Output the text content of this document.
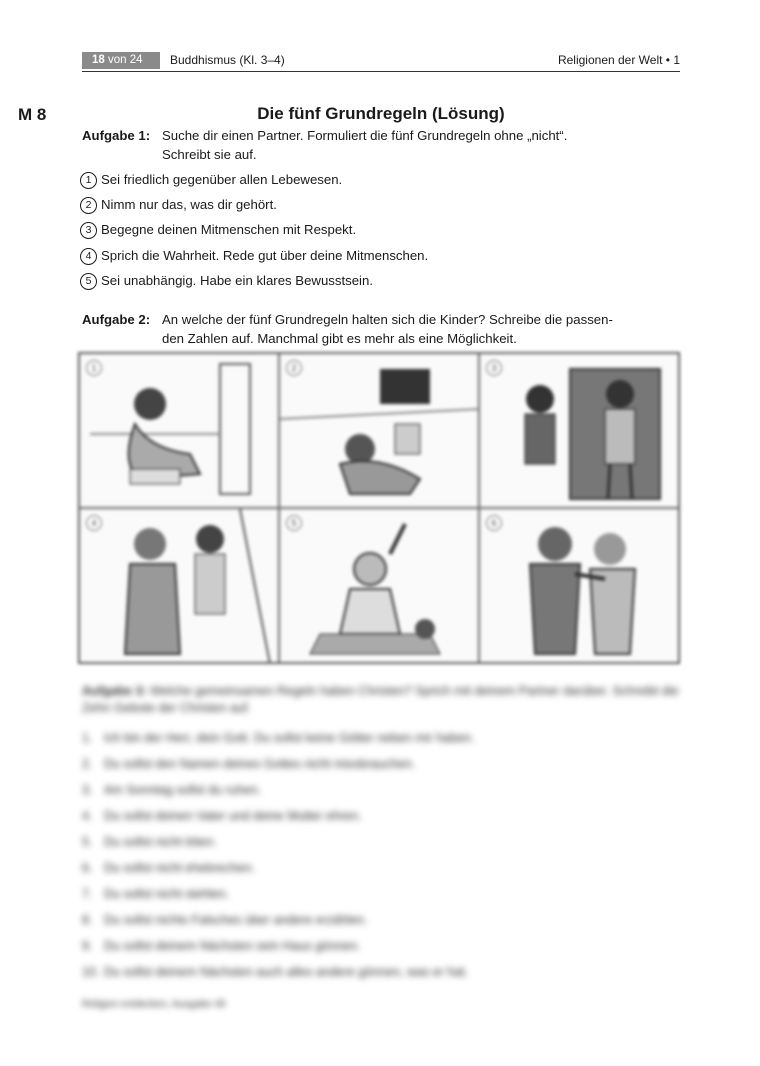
18 von 24	Buddhismus (Kl. 3–4)	Religionen der Welt • 1
M 8	Die fünf Grundregeln (Lösung)
Aufgabe 1: Suche dir einen Partner. Formuliert die fünf Grundregeln ohne „nicht“.
Schreibt sie auf.
1 Sei friedlich gegenüber allen Lebewesen.
2 Nimm nur das, was dir gehört.
3 Begegne deinen Mitmenschen mit Respekt.
4 Sprich die Wahrheit. Rede gut über deine Mitmenschen.
5 Sei unabhängig. Habe ein klares Bewusstsein.
Aufgabe 2: An welche der fünf Grundregeln halten sich die Kinder? Schreibe die passen-
den Zahlen auf. Manchmal gibt es mehr als eine Möglichkeit.
1	2	3
4	5	6
Aufgabe 3: Welche gemeinsamen Regeln haben Christen? Sprich mit deinem Partner darüber. Schreibt die Zehn Gebote der Christen auf.
1. Ich bin der Herr, dein Gott. Du sollst keine Götter neben mir haben.
2. Du sollst den Namen deines Gottes nicht missbrauchen.
3. Am Sonntag sollst du ruhen.
4. Du sollst deinen Vater und deine Mutter ehren.
5. Du sollst nicht töten.
6. Du sollst nicht ehebrechen.
7. Du sollst nicht stehlen.
8. Du sollst nichts Falsches über andere erzählen.
9. Du sollst deinem Nächsten sein Haus gönnen.
10. Du sollst deinem Nächsten auch alles andere gönnen, was er hat.
Religion entdecken, Ausgabe 49
